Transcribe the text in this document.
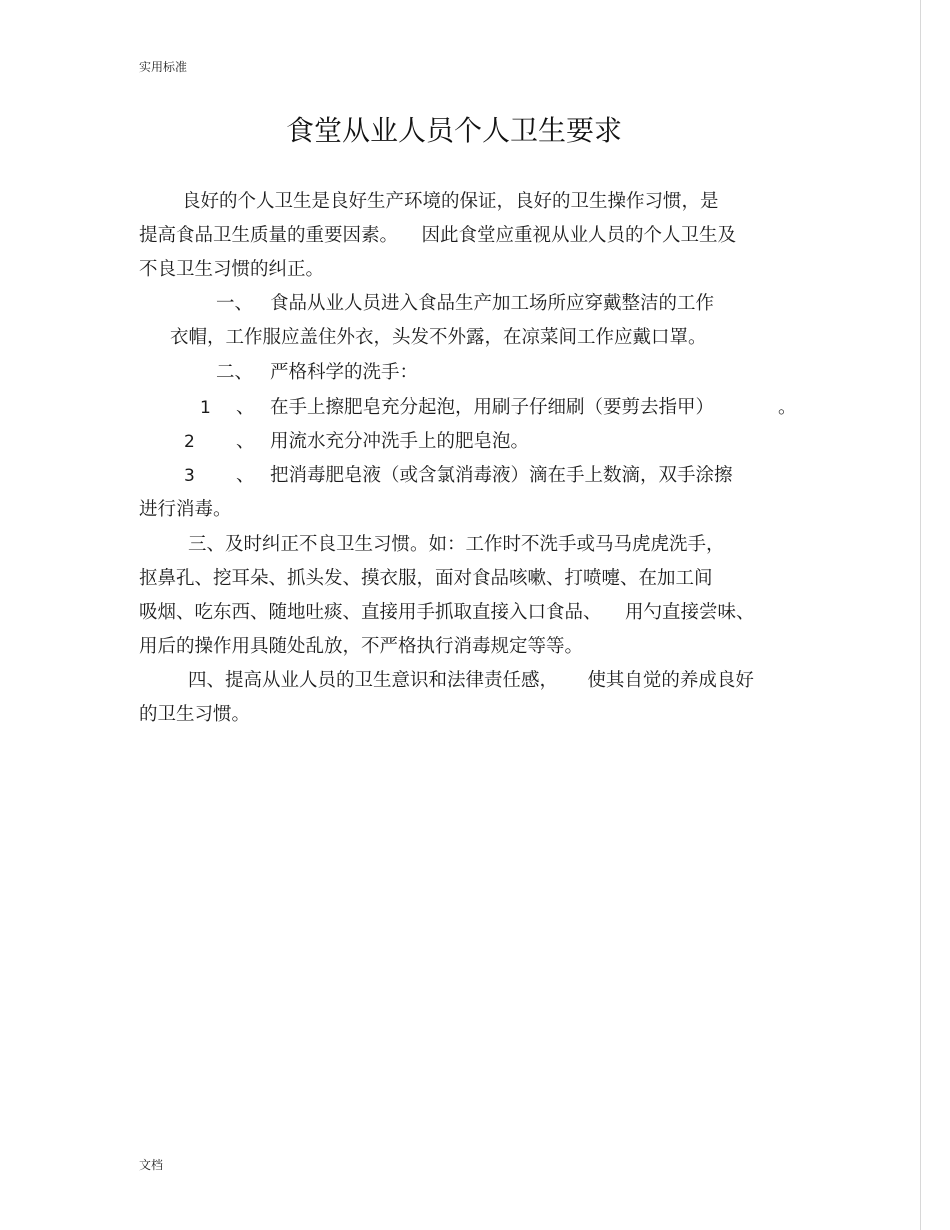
实用标准
食堂从业人员个人卫生要求
良好的个人卫生是良好生产环境的保证，良好的卫生操作习惯，是
提高食品卫生质量的重要因素。    因此食堂应重视从业人员的个人卫生及
不良卫生习惯的纠正。
一、 食品从业人员进入食品生产加工场所应穿戴整洁的工作
衣帽，工作服应盖住外衣，头发不外露，在凉菜间工作应戴口罩。
二、 严格科学的洗手：
1 、 在手上擦肥皂充分起泡，用刷子仔细刷（要剪去指甲）	。
2 、 用流水充分冲洗手上的肥皂泡。
3 、 把消毒肥皂液（或含氯消毒液）滴在手上数滴，双手涂擦
进行消毒。
三、及时纠正不良卫生习惯。如：工作时不洗手或马马虎虎洗手，
抠鼻孔、挖耳朵、抓头发、摸衣服，面对食品咳嗽、打喷嚏、在加工间
吸烟、吃东西、随地吐痰、直接用手抓取直接入口食品、    用勺直接尝味、
用后的操作用具随处乱放，不严格执行消毒规定等等。
四、提高从业人员的卫生意识和法律责任感，     使其自觉的养成良好
的卫生习惯。
文档
